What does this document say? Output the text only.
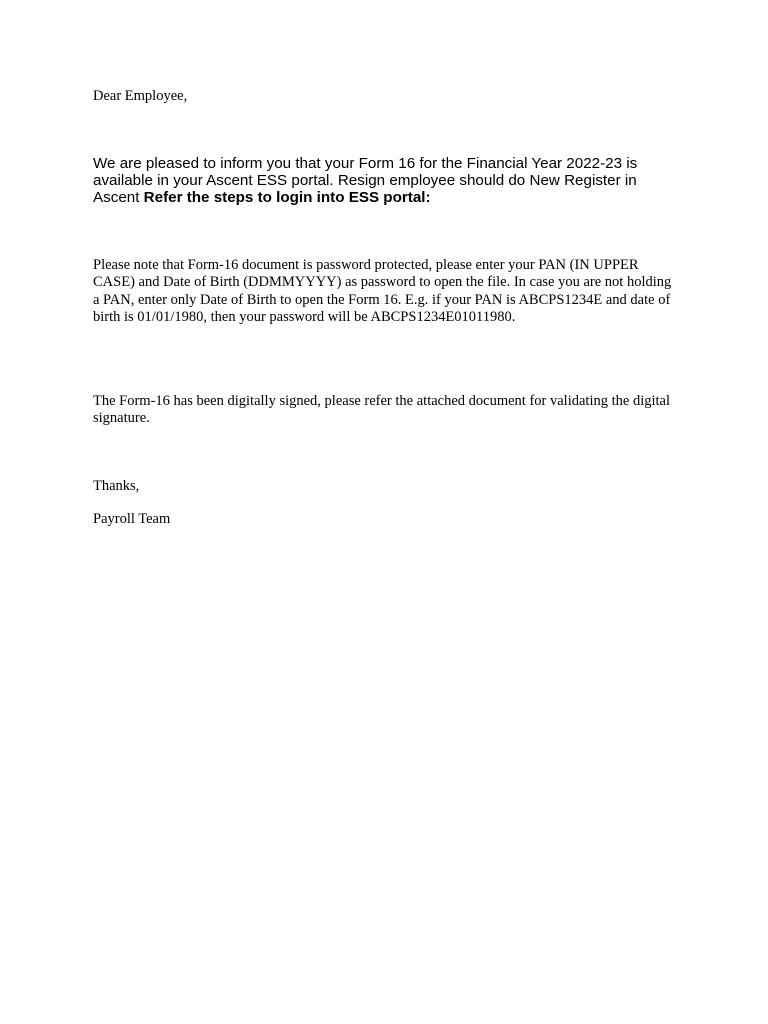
Dear Employee,

We are pleased to inform you that your Form 16 for the Financial Year 2022-23 is available in your Ascent ESS portal. Resign employee should do New Register in Ascent Refer the steps to login into ESS portal:

Please note that Form-16 document is password protected, please enter your PAN (IN UPPER CASE) and Date of Birth (DDMMYYYY) as password to open the file. In case you are not holding a PAN, enter only Date of Birth to open the Form 16. E.g. if your PAN is ABCPS1234E and date of birth is 01/01/1980, then your password will be ABCPS1234E01011980.

The Form-16 has been digitally signed, please refer the attached document for validating the digital signature.

Thanks,

Payroll Team
